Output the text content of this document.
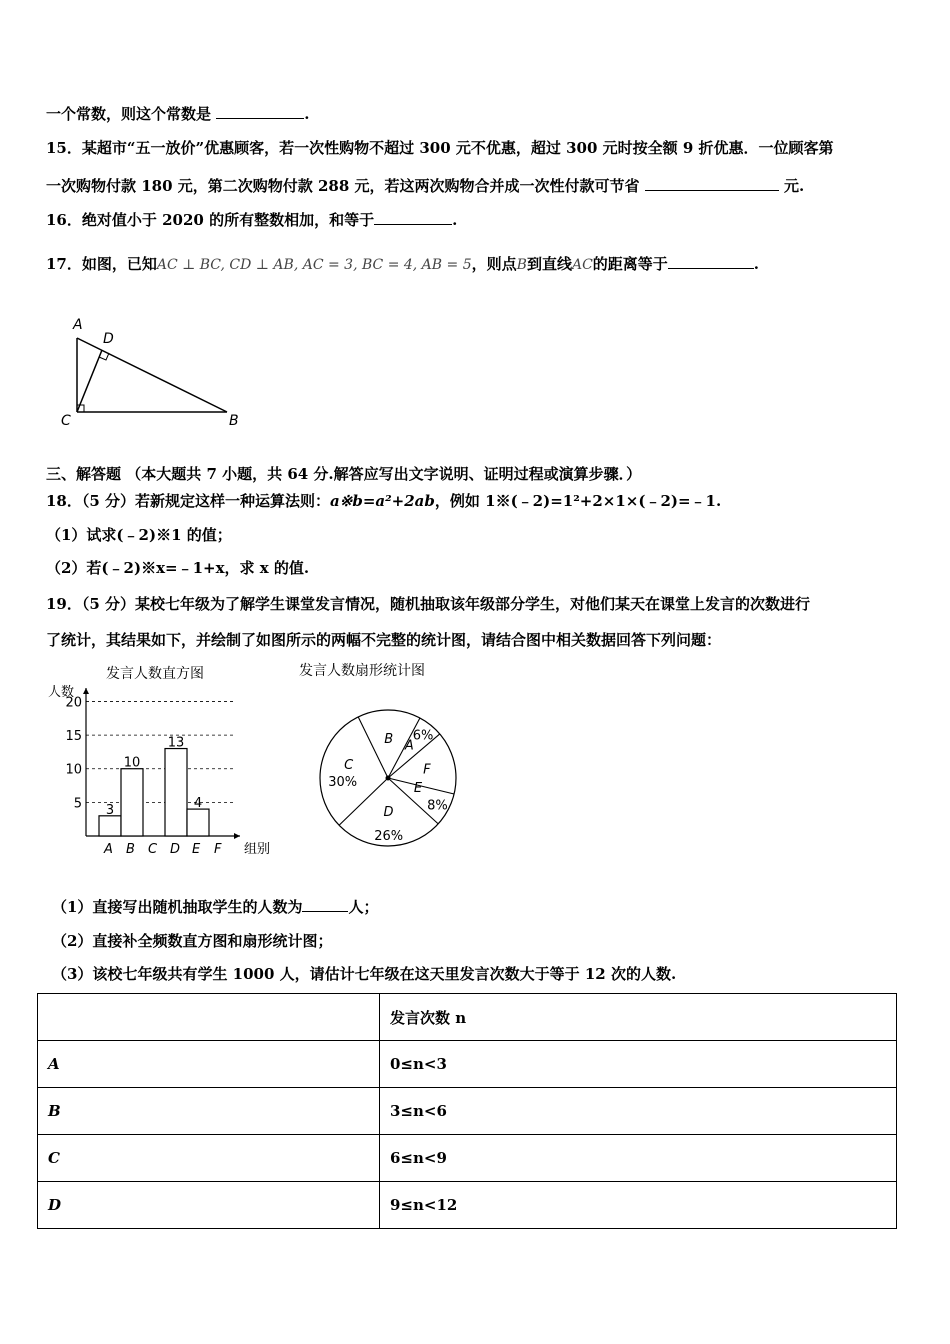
一个常数，则这个常数是	.
15．某超市“五一放价”优惠顾客，若一次性购物不超过 300 元不优惠，超过 300 元时按全额 9 折优惠．一位顾客第
一次购物付款 180 元，第二次购物付款 288 元，若这两次购物合并成一次性付款可节省	元.
16．绝对值小于 2020 的所有整数相加，和等于	.
17．如图，已知AC ⊥ BC, CD ⊥ AB, AC = 3, BC = 4, AB = 5，则点B到直线AC的距离等于	.
A
D
C	B
三、解答题 （本大题共 7 小题，共 64 分.解答应写出文字说明、证明过程或演算步骤．）
18．（5 分）若新规定这样一种运算法则：a※b=a²+2ab，例如 1※(﹣2)=1²+2×1×(﹣2)=﹣1.
（1）试求(﹣2)※1 的值；
（2）若(﹣2)※x=﹣1+x，求 x 的值.
19．（5 分）某校七年级为了解学生课堂发言情况，随机抽取该年级部分学生，对他们某天在课堂上发言的次数进行
了统计，其结果如下，并绘制了如图所示的两幅不完整的统计图，请结合图中相关数据回答下列问题：
发言人数直方图
人数
组别
5
10
15
20
A B C D E F
3
10
13
4
发言人数扇形统计图
A
6%
F
E
8%
D
26%
C
30%
B
（1）直接写出随机抽取学生的人数为	人；
（2）直接补全频数直方图和扇形统计图；
（3）该校七年级共有学生 1000 人，请估计七年级在这天里发言次数大于等于 12 次的人数.
	发言次数 n
A	0≤n<3
B	3≤n<6
C	6≤n<9
D	9≤n<12
